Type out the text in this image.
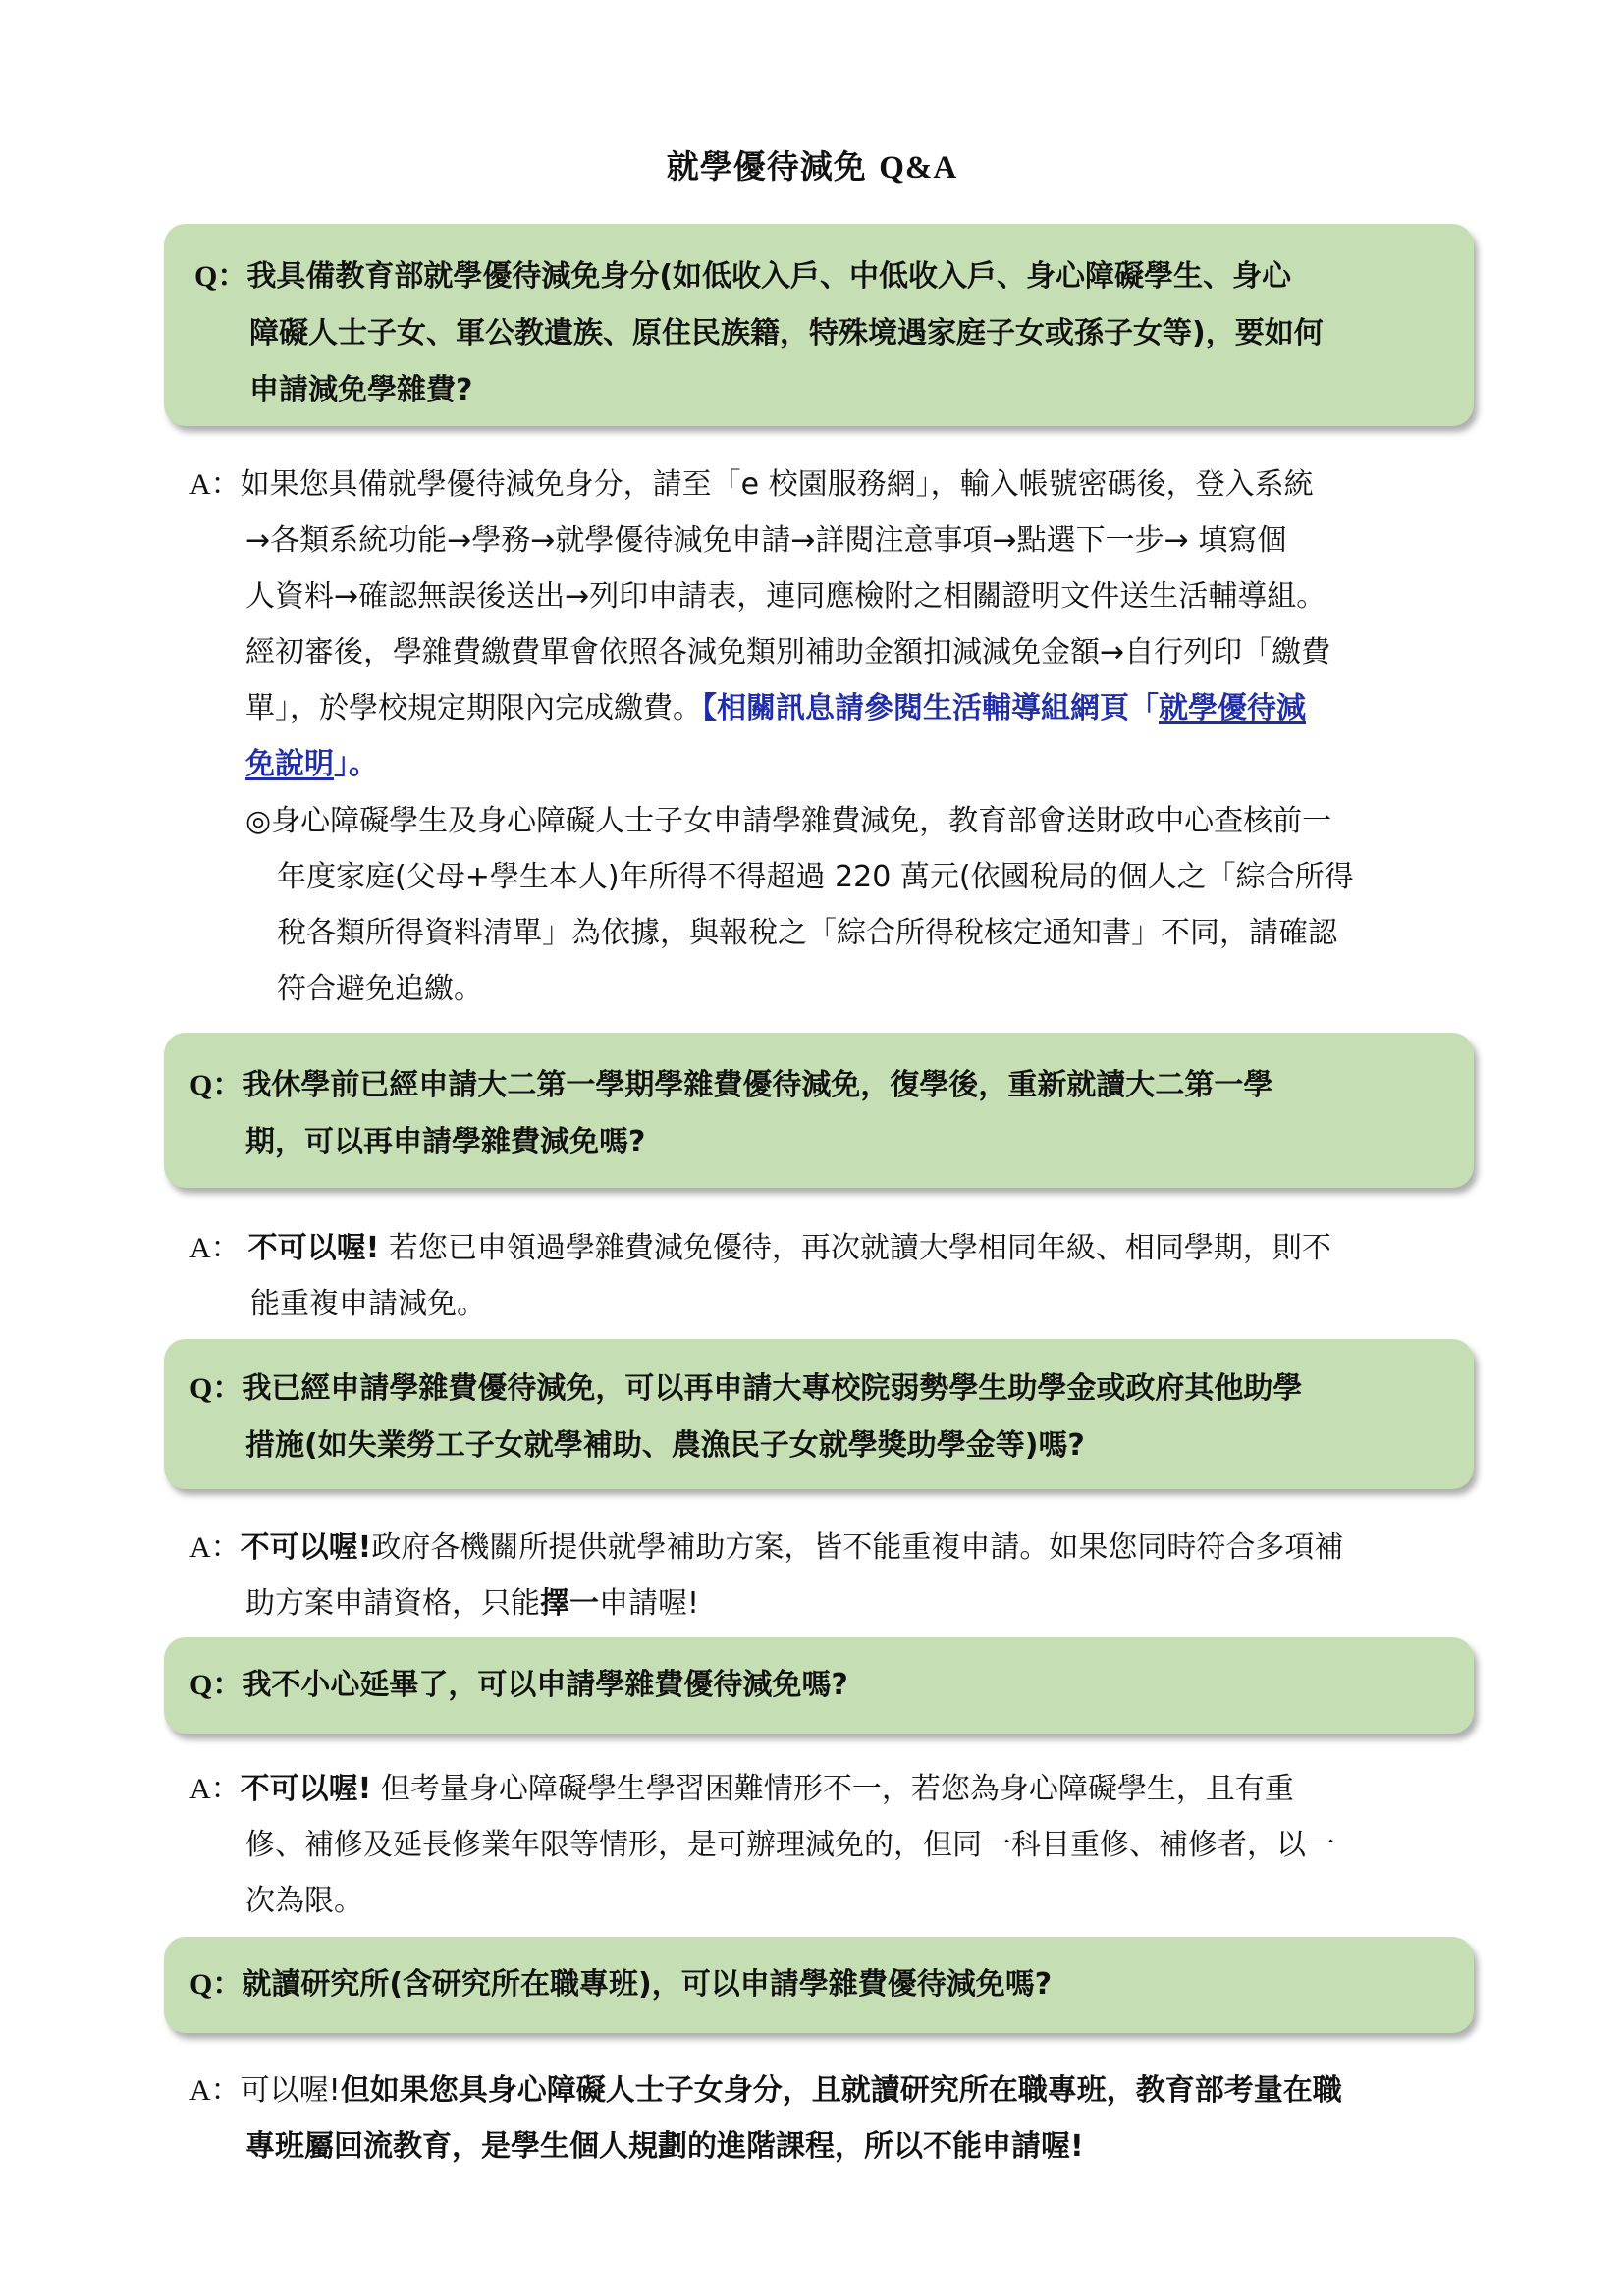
就學優待減免 Q&A
Q：我具備教育部就學優待減免身分(如低收入戶、中低收入戶、身心障礙學生、身心
障礙人士子女、軍公教遺族、原住民族籍，特殊境遇家庭子女或孫子女等)，要如何
申請減免學雜費?
A：如果您具備就學優待減免身分，請至「e 校園服務網」，輸入帳號密碼後，登入系統
→各類系統功能→學務→就學優待減免申請→詳閱注意事項→點選下一步→ 填寫個
人資料→確認無誤後送出→列印申請表，連同應檢附之相關證明文件送生活輔導組。
經初審後，學雜費繳費單會依照各減免類別補助金額扣減減免金額→自行列印「繳費
單」，於學校規定期限內完成繳費。【相關訊息請參閱生活輔導組網頁「就學優待減
免說明」。
◎身心障礙學生及身心障礙人士子女申請學雜費減免，教育部會送財政中心查核前一
年度家庭(父母+學生本人)年所得不得超過 220 萬元(依國稅局的個人之「綜合所得
稅各類所得資料清單」為依據，與報稅之「綜合所得稅核定通知書」不同，請確認
符合避免追繳。
Q：我休學前已經申請大二第一學期學雜費優待減免，復學後，重新就讀大二第一學
期，可以再申請學雜費減免嗎?
A： 不可以喔! 若您已申領過學雜費減免優待，再次就讀大學相同年級、相同學期，則不
能重複申請減免。
Q：我已經申請學雜費優待減免，可以再申請大專校院弱勢學生助學金或政府其他助學
措施(如失業勞工子女就學補助、農漁民子女就學獎助學金等)嗎?
A：不可以喔!政府各機關所提供就學補助方案，皆不能重複申請。如果您同時符合多項補
助方案申請資格，只能擇一申請喔!
Q：我不小心延畢了，可以申請學雜費優待減免嗎?
A：不可以喔! 但考量身心障礙學生學習困難情形不一，若您為身心障礙學生，且有重
修、補修及延長修業年限等情形，是可辦理減免的，但同一科目重修、補修者，以一
次為限。
Q：就讀研究所(含研究所在職專班)，可以申請學雜費優待減免嗎?
A：可以喔!但如果您具身心障礙人士子女身分，且就讀研究所在職專班，教育部考量在職
專班屬回流教育，是學生個人規劃的進階課程，所以不能申請喔!
